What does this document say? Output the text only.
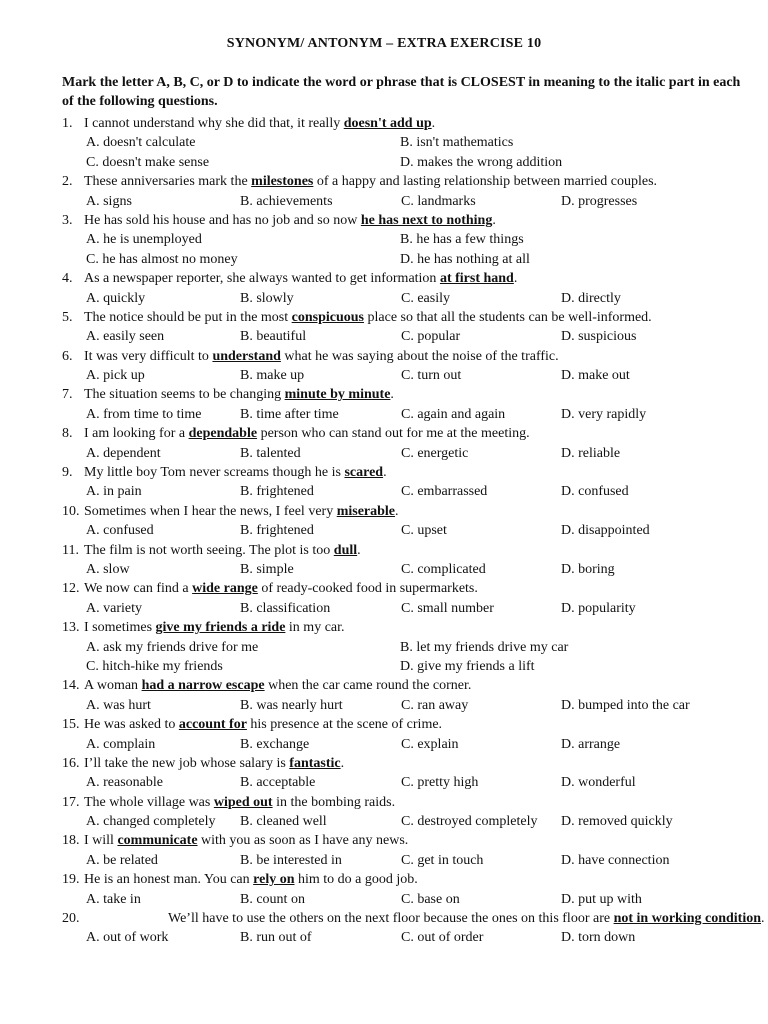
SYNONYM/ ANTONYM – EXTRA EXERCISE 10
Mark the letter A, B, C, or D to indicate the word or phrase that is CLOSEST in meaning to the italic part in each of the following questions.
1. I cannot understand why she did that, it really doesn't add up.
A. doesn't calculate	B. isn't mathematics
C. doesn't make sense	D. makes the wrong addition
2. These anniversaries mark the milestones of a happy and lasting relationship between married couples.
A. signs	B. achievements	C. landmarks	D. progresses
3. He has sold his house and has no job and so now he has next to nothing.
A. he is unemployed	B. he has a few things
C. he has almost no money	D. he has nothing at all
4. As a newspaper reporter, she always wanted to get information at first hand.
A. quickly	B. slowly	C. easily	D. directly
5. The notice should be put in the most conspicuous place so that all the students can be well-informed.
A. easily seen	B. beautiful	C. popular	D. suspicious
6. It was very difficult to understand what he was saying about the noise of the traffic.
A. pick up	B. make up	C. turn out	D. make out
7. The situation seems to be changing minute by minute.
A. from time to time	B. time after time	C. again and again	D. very rapidly
8. I am looking for a dependable person who can stand out for me at the meeting.
A. dependent	B. talented	C. energetic	D. reliable
9. My little boy Tom never screams though he is scared.
A. in pain	B. frightened	C. embarrassed	D. confused
10. Sometimes when I hear the news, I feel very miserable.
A. confused	B. frightened	C. upset	D. disappointed
11. The film is not worth seeing. The plot is too dull.
A. slow	B. simple	C. complicated	D. boring
12. We now can find a wide range of ready-cooked food in supermarkets.
A. variety	B. classification	C. small number	D. popularity
13. I sometimes give my friends a ride in my car.
A. ask my friends drive for me	B. let my friends drive my car
C. hitch-hike my friends	D. give my friends a lift
14. A woman had a narrow escape when the car came round the corner.
A. was hurt	B. was nearly hurt	C. ran away	D. bumped into the car
15. He was asked to account for his presence at the scene of crime.
A. complain	B. exchange	C. explain	D. arrange
16. I’ll take the new job whose salary is fantastic.
A. reasonable	B. acceptable	C. pretty high	D. wonderful
17. The whole village was wiped out in the bombing raids.
A. changed completely B. cleaned well	C. destroyed completely D. removed quickly
18. I will communicate with you as soon as I have any news.
A. be related	B. be interested in	C. get in touch	D. have connection
19. He is an honest man. You can rely on him to do a good job.
A. take in	B. count on	C. base on	D. put up with
20.	We’ll have to use the others on the next floor because the ones on this floor are not in working condition.
A. out of work	B. run out of	C. out of order	D. torn down
